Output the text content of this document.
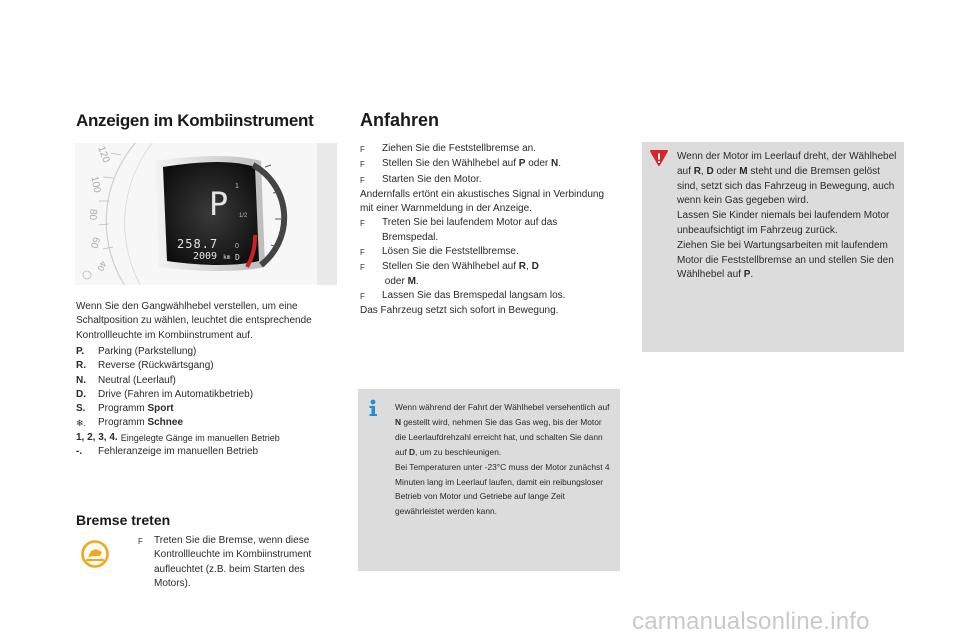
Anzeigen im Kombiinstrument
120
100
80
60
40
P
258.7
2009 km
1
1/2
0
D
Wenn Sie den Gangwählhebel verstellen, um eine Schaltposition zu wählen, leuchtet die entsprechende Kontrollleuchte im Kombiinstrument auf.
P.	Parking (Parkstellung)
R.	Reverse (Rückwärtsgang)
N.	Neutral (Leerlauf)
D.	Drive (Fahren im Automatikbetrieb)
S.	Programm Sport
❄.	Programm Schnee
1, 2, 3, 4. Eingelegte Gänge im manuellen Betrieb
-.	Fehleranzeige im manuellen Betrieb
Bremse treten
F	Treten Sie die Bremse, wenn diese Kontrollleuchte im Kombiinstrument aufleuchtet (z.B. beim Starten des Motors).
Anfahren
F	Ziehen Sie die Feststellbremse an.
F	Stellen Sie den Wählhebel auf P oder N.
F	Starten Sie den Motor.
Andernfalls ertönt ein akustisches Signal in Verbindung mit einer Warnmeldung in der Anzeige.
F	Treten Sie bei laufendem Motor auf das Bremspedal.
F	Lösen Sie die Feststellbremse.
F	Stellen Sie den Wählhebel auf R, D
oder M.
F	Lassen Sie das Bremspedal langsam los.
Das Fahrzeug setzt sich sofort in Bewegung.
Wenn der Motor im Leerlauf dreht, der Wählhebel auf R, D oder M steht und die Bremsen gelöst sind, setzt sich das Fahrzeug in Bewegung, auch wenn kein Gas gegeben wird.
Lassen Sie Kinder niemals bei laufendem Motor unbeaufsichtigt im Fahrzeug zurück.
Ziehen Sie bei Wartungsarbeiten mit laufendem Motor die Feststellbremse an und stellen Sie den Wählhebel auf P.
Wenn während der Fahrt der Wählhebel versehentlich auf N gestellt wird, nehmen Sie das Gas weg, bis der Motor die Leerlaufdrehzahl erreicht hat, und schalten Sie dann auf D, um zu beschleunigen.
Bei Temperaturen unter -23°C muss der Motor zunächst 4 Minuten lang im Leerlauf laufen, damit ein reibungsloser Betrieb von Motor und Getriebe auf lange Zeit gewährleistet werden kann.
carmanualsonline.info
